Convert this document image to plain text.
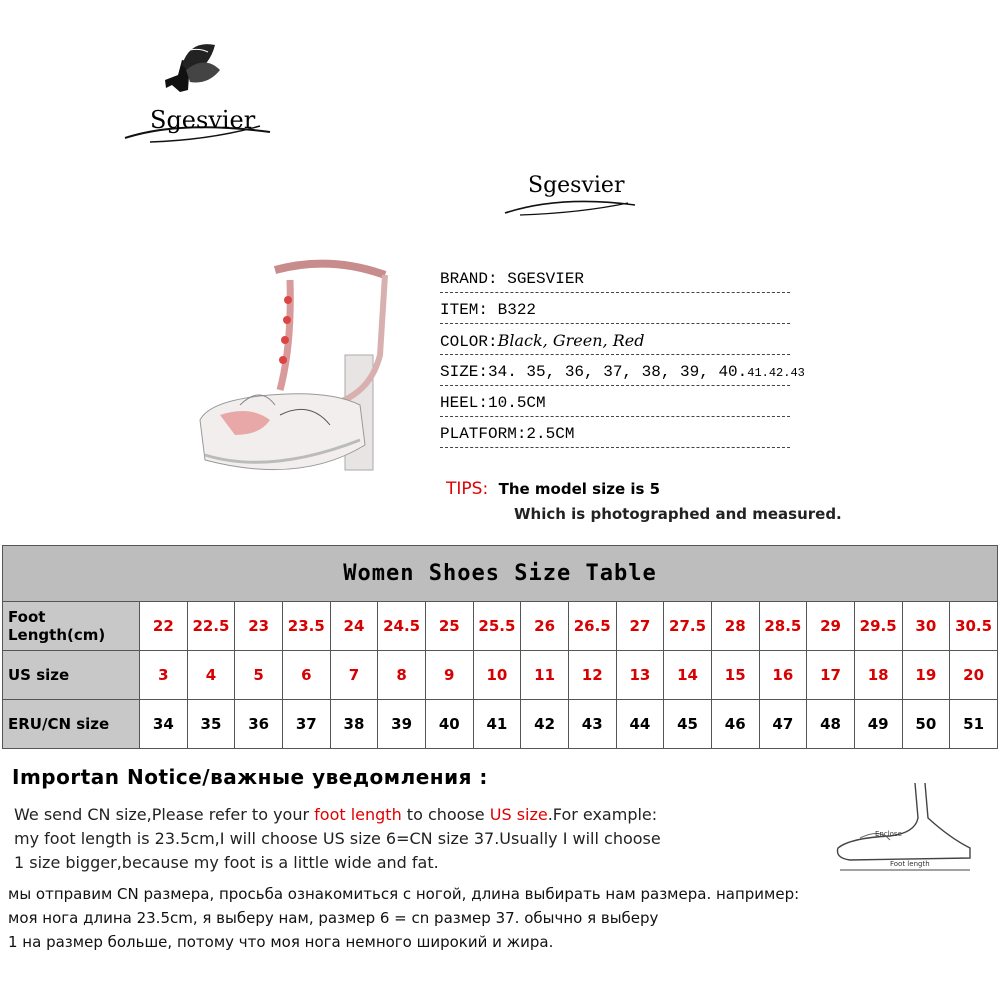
Sgesvier
Sgesvier
BRAND: SGESVIER
ITEM: B322
COLOR:Black, Green, Red
SIZE:34. 35, 36, 37, 38, 39, 40.41.42.43
HEEL:10.5CM
PLATFORM:2.5CM
TIPS: The model size is 5
Which is photographed and measured.
Women Shoes Size Table																		
Foot Length(cm)	22	22.5	23	23.5	24	24.5	25	25.5	26	26.5	27	27.5	28	28.5	29	29.5	30	30.5
US size	3	4	5	6	7	8	9	10	11	12	13	14	15	16	17	18	19	20
ERU/CN size	34	35	36	37	38	39	40	41	42	43	44	45	46	47	48	49	50	51
Importan Notice/важные уведомления :
We send CN size,Please refer to your foot length to choose US size.For example:
my foot length is 23.5cm,I will choose US size 6=CN size 37.Usually I will choose
1 size bigger,because my foot is a little wide and fat.
мы отправим CN размера, просьба ознакомиться с ногой, длина выбирать нам размера. например:
моя нога длина 23.5cm, я выберу нам, размер 6 = cn размер 37. обычно я выберу
1 на размер больше, потому что моя нога немного широкий и жира.
Enclose
Foot length
